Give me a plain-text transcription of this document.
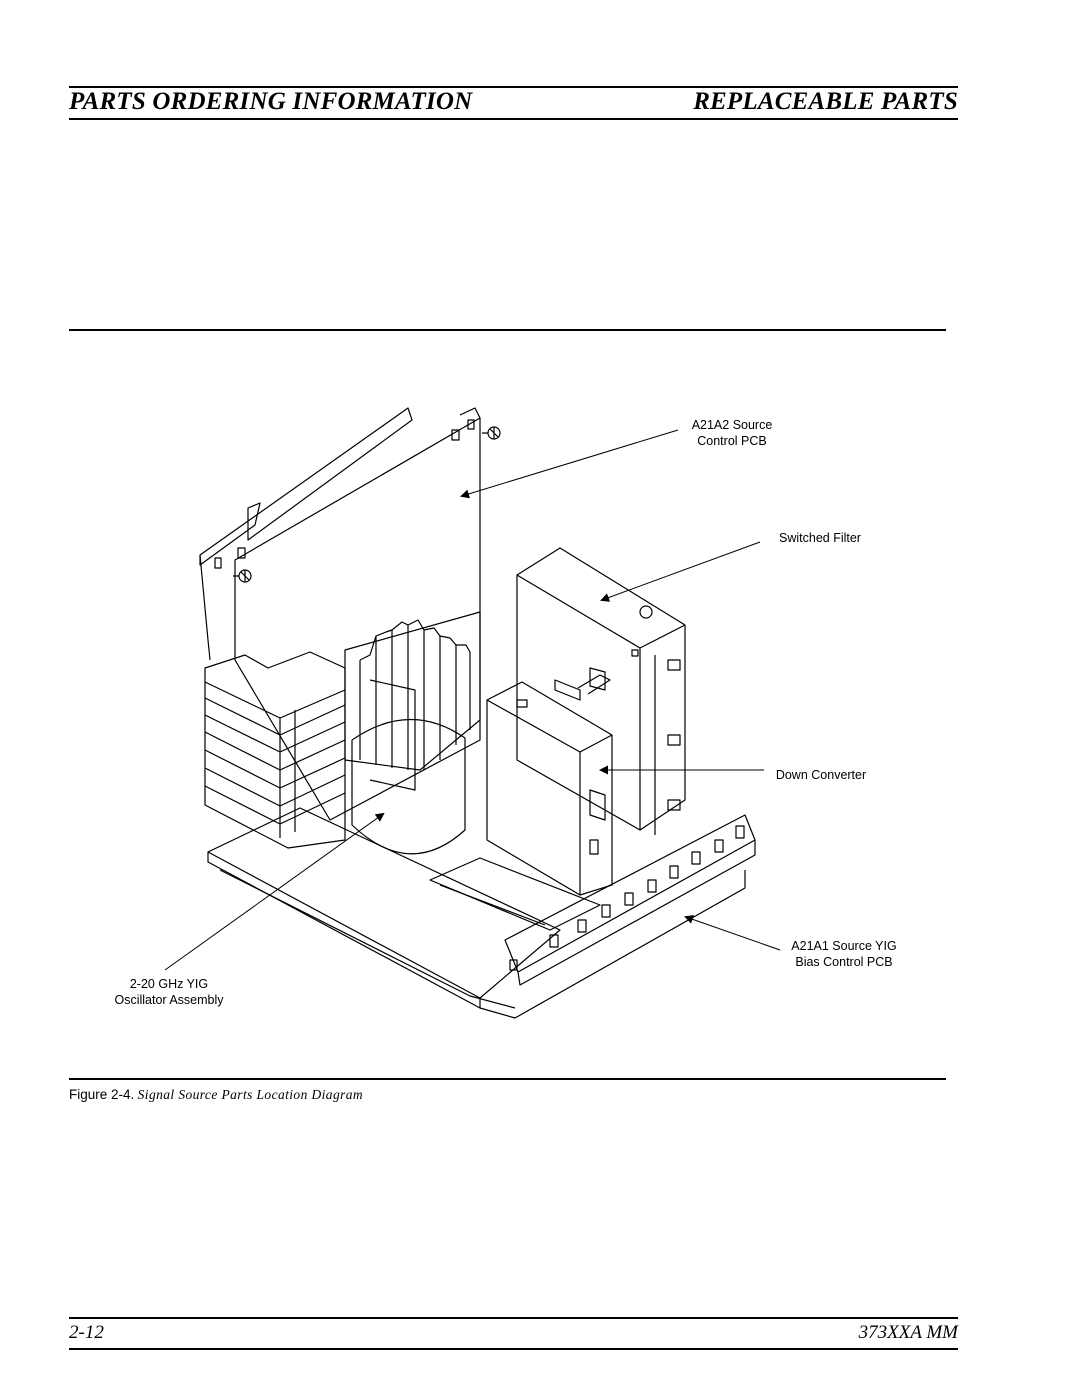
PARTS ORDERING INFORMATION	REPLACEABLE PARTS
A21A2 Source
Control PCB
Switched Filter
Down Converter
A21A1 Source YIG
Bias Control PCB
2-20 GHz YIG
Oscillator Assembly
Figure 2-4. Signal Source Parts Location Diagram
2-12	373XXA MM
